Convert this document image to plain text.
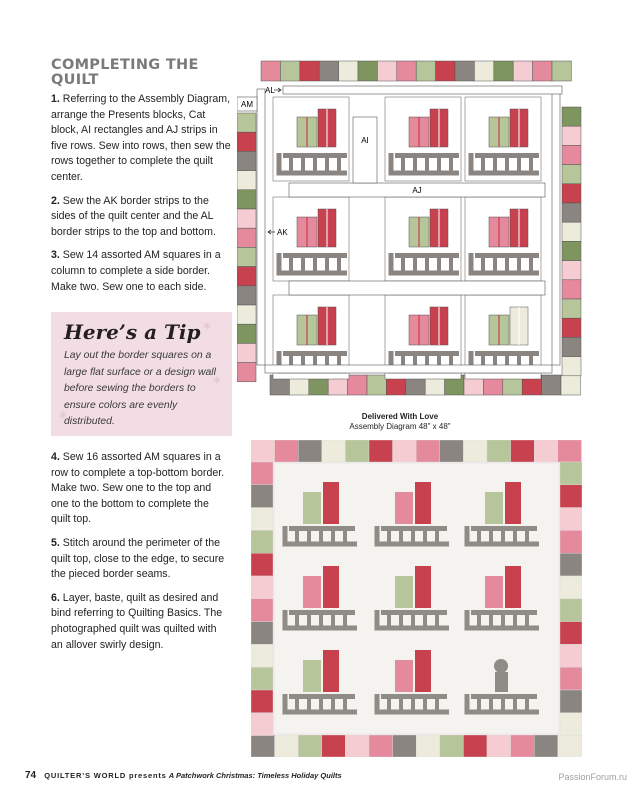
COMPLETING THE QUILT

1. Referring to the Assembly Diagram, arrange the Presents blocks, Cat block, AI rectangles and AJ strips in five rows. Sew into rows, then sew the rows together to complete the quilt center.

2. Sew the AK border strips to the sides of the quilt center and the AL border strips to the top and bottom.

3. Sew 14 assorted AM squares in a column to complete a side border. Make two. Sew one to each side.

✶
✶
✶
Here’s a Tip
Lay out the border squares on a large flat surface or a design wall before sewing the borders to ensure colors are evenly distributed.

4. Sew 16 assorted AM squares in a row to complete a top-bottom border. Make two. Sew one to the top and one to the bottom to complete the quilt top.

5. Stitch around the perimeter of the quilt top, close to the edge, to secure the pieced border seams.

6. Layer, baste, quilt as desired and bind referring to Quilting Basics. The photographed quilt was quilted with an allover swirly design.

AM
AL
AI
AJ
AK
Delivered With Love
Assembly Diagram 48" x 48"
74 QUILTER’S WORLD presents A Patchwork Christmas: Timeless Holiday Quilts	PassionForum.ru
